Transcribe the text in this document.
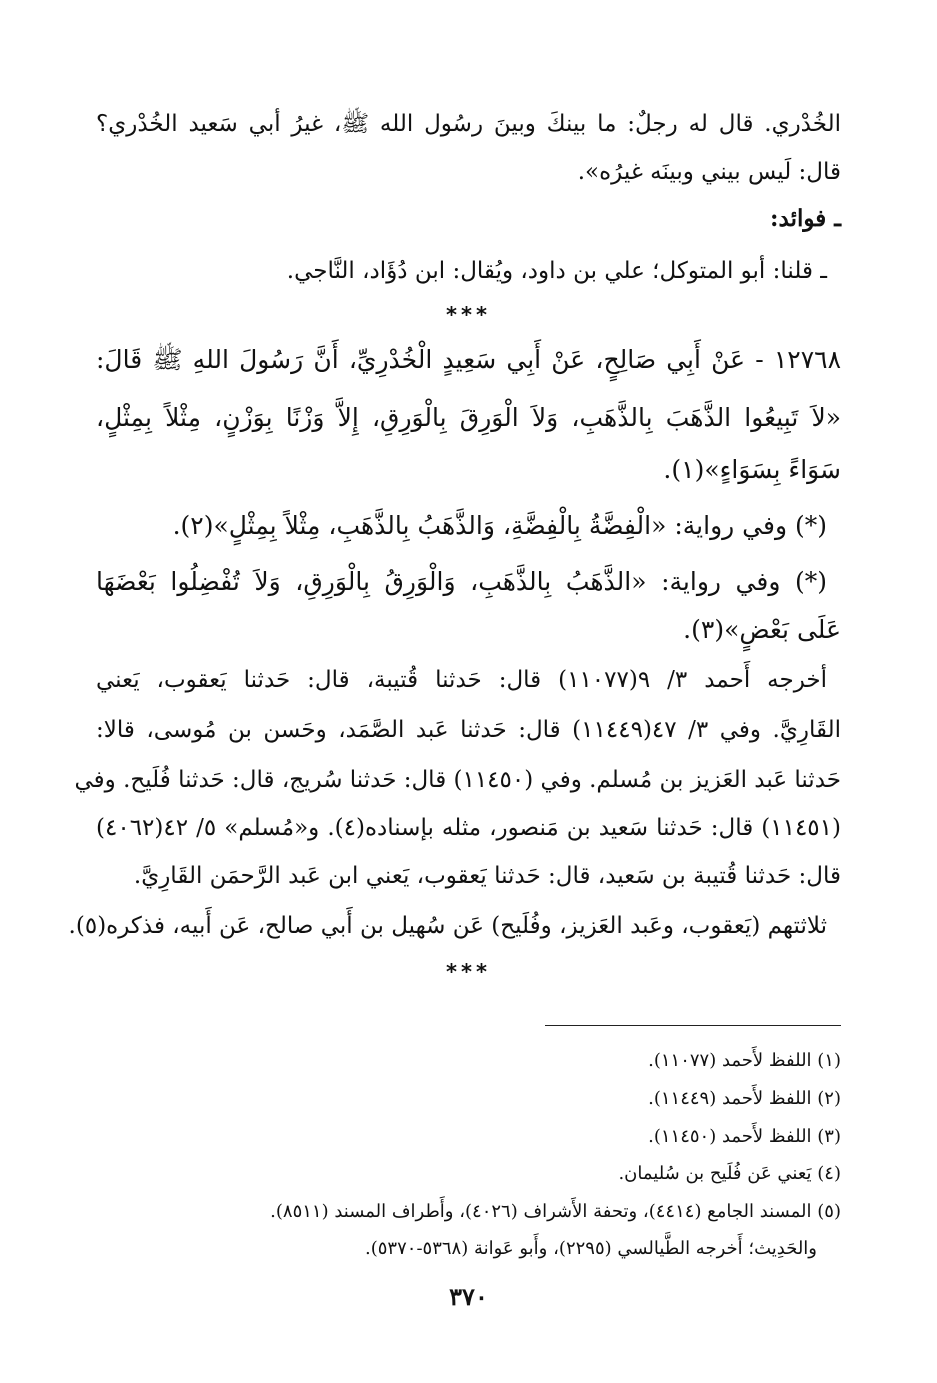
الخُدْري. قال له رجلٌ: ما بينكَ وبينَ رسُول الله ﷺ، غيرُ أبي سَعيد الخُدْري؟
قال: لَيس بيني وبينَه غيرُه».
ـ فوائد:
ـ قلنا: أبو المتوكل؛ علي بن داود، ويُقال: ابن دُؤَاد، النَّاجي.
***
١٢٧٦٨ - عَنْ أَبِي صَالِحٍ، عَنْ أَبِي سَعِيدٍ الْخُدْرِيِّ، أَنَّ رَسُولَ اللهِ ﷺ قَالَ:
«لاَ تَبِيعُوا الذَّهَبَ بِالذَّهَبِ، وَلاَ الْوَرِقَ بِالْوَرِقِ، إِلاَّ وَزْنًا بِوَزْنٍ، مِثْلاً بِمِثْلٍ،
سَوَاءً بِسَوَاءٍ»(١).
(*) وفي رواية: «الْفِضَّةُ بِالْفِضَّةِ، وَالذَّهَبُ بِالذَّهَبِ، مِثْلاً بِمِثْلٍ»(٢).
(*) وفي رواية: «الذَّهَبُ بِالذَّهَبِ، وَالْوَرِقُ بِالْوَرِقِ، وَلاَ تُفْضِلُوا بَعْضَهَا
عَلَى بَعْضٍ»(٣).
أخرجه أَحمد ٣/ ٩(١١٠٧٧) قال: حَدثنا قُتيبة، قال: حَدثنا يَعقوب، يَعني
القَارِيَّ. وفي ٣/ ٤٧(١١٤٤٩) قال: حَدثنا عَبد الصَّمَد، وحَسن بن مُوسى، قالا:
حَدثنا عَبد العَزيز بن مُسلم. وفي (١١٤٥٠) قال: حَدثنا سُريج، قال: حَدثنا فُلَيح. وفي
(١١٤٥١) قال: حَدثنا سَعيد بن مَنصور، مثله بإسناده(٤). و«مُسلم» ٥/ ٤٢(٤٠٦٢)
قال: حَدثنا قُتيبة بن سَعيد، قال: حَدثنا يَعقوب، يَعني ابن عَبد الرَّحمَن القَارِيَّ.
ثلاثتهم (يَعقوب، وعَبد العَزيز، وفُلَيح) عَن سُهيل بن أَبي صالح، عَن أَبيه، فذكره(٥).
***
(١) اللفظ لأَحمد (١١٠٧٧).
(٢) اللفظ لأَحمد (١١٤٤٩).
(٣) اللفظ لأَحمد (١١٤٥٠).
(٤) يَعني عَن فُلَيح بن سُليمان.
(٥) المسند الجامع (٤٤١٤)، وتحفة الأَشراف (٤٠٢٦)، وأَطراف المسند (٨٥١١).
والحَدِيث؛ أَخرجه الطَّيالسي (٢٢٩٥)، وأَبو عَوانة (٥٣٦٨-٥٣٧٠).
٣٧٠
